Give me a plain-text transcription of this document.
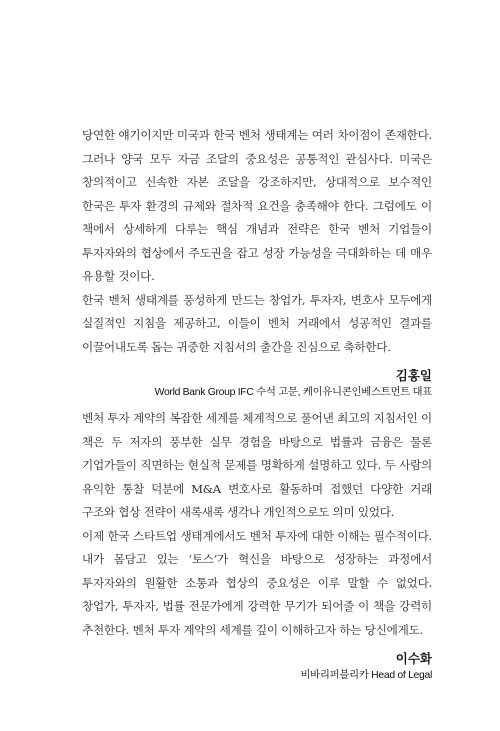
당연한 얘기이지만 미국과 한국 벤처 생태계는 여러 차이점이 존재한다. 그러나 양국 모두 자금 조달의 중요성은 공통적인 관심사다. 미국은 창의적이고 신속한 자본 조달을 강조하지만, 상대적으로 보수적인 한국은 투자 환경의 규제와 절차적 요건을 충족해야 한다. 그럼에도 이 책에서 상세하게 다루는 핵심 개념과 전략은 한국 벤처 기업들이 투자자와의 협상에서 주도권을 잡고 성장 가능성을 극대화하는 데 매우 유용할 것이다.

한국 벤처 생태계를 풍성하게 만드는 창업가, 투자자, 변호사 모두에게 실질적인 지침을 제공하고, 이들이 벤처 거래에서 성공적인 결과를 이끌어내도록 돕는 귀중한 지침서의 출간을 진심으로 축하한다.

김홍일
World Bank Group IFC 수석 고문, 케이유니콘인베스트먼트 대표

벤처 투자 계약의 복잡한 세계를 체계적으로 풀어낸 최고의 지침서인 이 책은 두 저자의 풍부한 실무 경험을 바탕으로 법률과 금융은 물론 기업가들이 직면하는 현실적 문제를 명확하게 설명하고 있다. 두 사람의 유익한 통찰 덕분에 M&A 변호사로 활동하며 접했던 다양한 거래 구조와 협상 전략이 새록새록 생각나 개인적으로도 의미 있었다.

이제 한국 스타트업 생태계에서도 벤처 투자에 대한 이해는 필수적이다. 내가 몸담고 있는 ‘토스’가 혁신을 바탕으로 성장하는 과정에서 투자자와의 원활한 소통과 협상의 중요성은 이루 말할 수 없었다. 창업가, 투자자, 법률 전문가에게 강력한 무기가 되어줄 이 책을 강력히 추천한다. 벤처 투자 계약의 세계를 깊이 이해하고자 하는 당신에게도.

이수화
비바리퍼블리카 Head of Legal
